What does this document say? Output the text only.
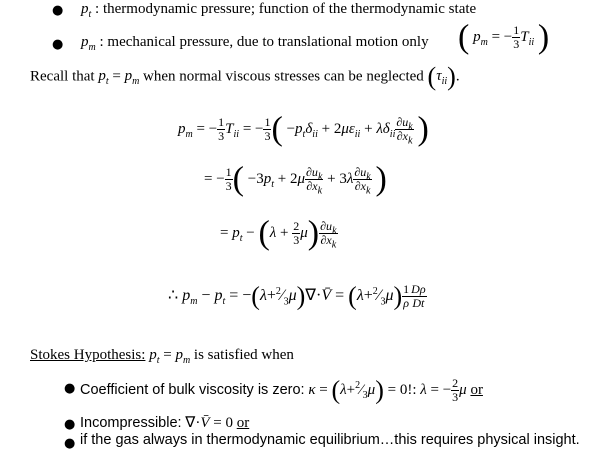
● $p_t$ : thermodynamic pressure; function of the thermodynamic state
● $p_m$ : mechanical pressure, due to translational motion only ( $p_m$ = − $\frac{1}{3} T_{ii}$ )
Recall that $p_t = p_m$ when normal viscous stresses can be neglected $(\tau_{ii})$.
$p_m$ = − $\frac{1}{3} T_{ii}$ = − $\frac{1}{3}$ ( $-p_t\delta_{ii} + 2\mu\varepsilon_{ii} + \lambda\delta_{ii} \frac{\partial u_k}{\partial x_k}$ )
= − $\frac{1}{3}$ ( $-3p_t + 2\mu \frac{\partial u_k}{\partial x_k} + 3\lambda \frac{\partial u_k}{\partial x_k}$ )
= $p_t - (\lambda + \frac{2}{3} \mu) \frac{\partial u_k}{\partial x_k}$
∴ $p_m - p_t$ = $-(\lambda+^2⁄_3\mu)\nabla\cdot V̄$ = $(\lambda+^2⁄_3\mu) \frac{1}{\rho} \frac{D\rho}{Dt}$
Stokes Hypothesis: $p_t = p_m$ is satisfied when
● Coefficient of bulk viscosity is zero: $\kappa = (\lambda+^2⁄_3\mu) = 0$!: λ = − $\frac{2}{3}$ μ or
● Incompressible: ∇·V̄ = 0 or
● if the gas always in thermodynamic equilibrium…this requires physical insight.
